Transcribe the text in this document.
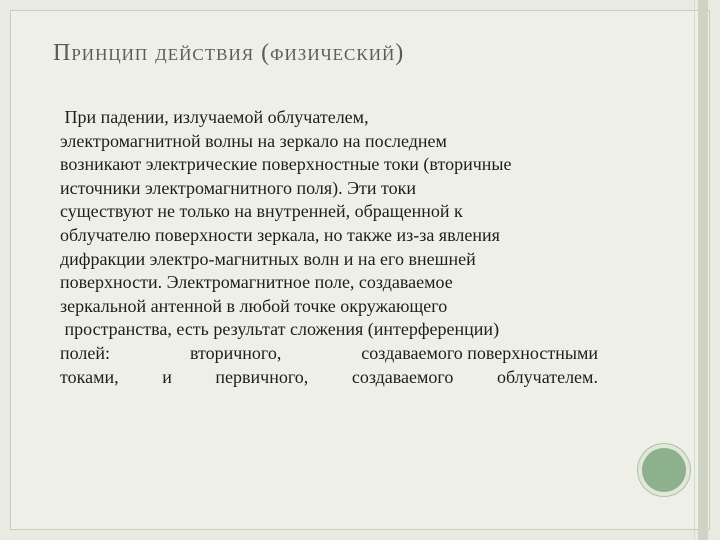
Принцип действия (физический)
При падении, излучаемой облучателем,
электромагнитной волны на зеркало на последнем
возникают электрические поверхностные токи (вторичные
источники электромагнитного поля). Эти токи
существуют не только на внутренней, обращенной к
облучателю поверхности зеркала, но также из-за явления
дифракции электро-магнитных волн и на его внешней
поверхности. Электромагнитное поле, создаваемое
зеркальной антенной в любой точке окружающего
пространства, есть результат сложения (интерференции)
полей:	вторичного,	создаваемого поверхностными
токами, и первичного, создаваемого облучателем.
